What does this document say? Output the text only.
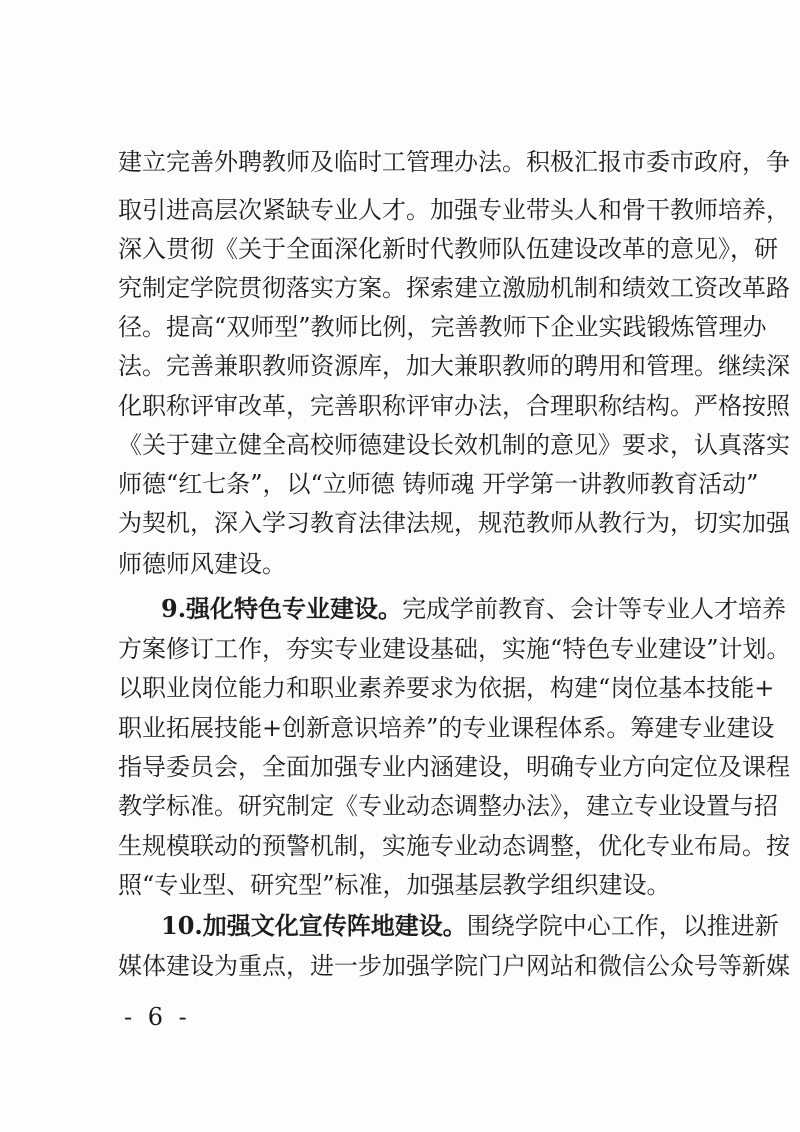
建立完善外聘教师及临时工管理办法。积极汇报市委市政府，争
取引进高层次紧缺专业人才。加强专业带头人和骨干教师培养，
深入贯彻《关于全面深化新时代教师队伍建设改革的意见》，研
究制定学院贯彻落实方案。探索建立激励机制和绩效工资改革路
径。提高“双师型”教师比例，完善教师下企业实践锻炼管理办
法。完善兼职教师资源库，加大兼职教师的聘用和管理。继续深
化职称评审改革，完善职称评审办法，合理职称结构。严格按照
《关于建立健全高校师德建设长效机制的意见》要求，认真落实
师德“红七条”，以“立师德 铸师魂 开学第一讲教师教育活动”
为契机，深入学习教育法律法规，规范教师从教行为，切实加强
师德师风建设。
9.强化特色专业建设。完成学前教育、会计等专业人才培养
方案修订工作，夯实专业建设基础，实施“特色专业建设”计划。
以职业岗位能力和职业素养要求为依据，构建“岗位基本技能+
职业拓展技能+创新意识培养”的专业课程体系。筹建专业建设
指导委员会，全面加强专业内涵建设，明确专业方向定位及课程
教学标准。研究制定《专业动态调整办法》，建立专业设置与招
生规模联动的预警机制，实施专业动态调整，优化专业布局。按
照“专业型、研究型”标准，加强基层教学组织建设。
10.加强文化宣传阵地建设。围绕学院中心工作，以推进新
媒体建设为重点，进一步加强学院门户网站和微信公众号等新媒
- 6 -
